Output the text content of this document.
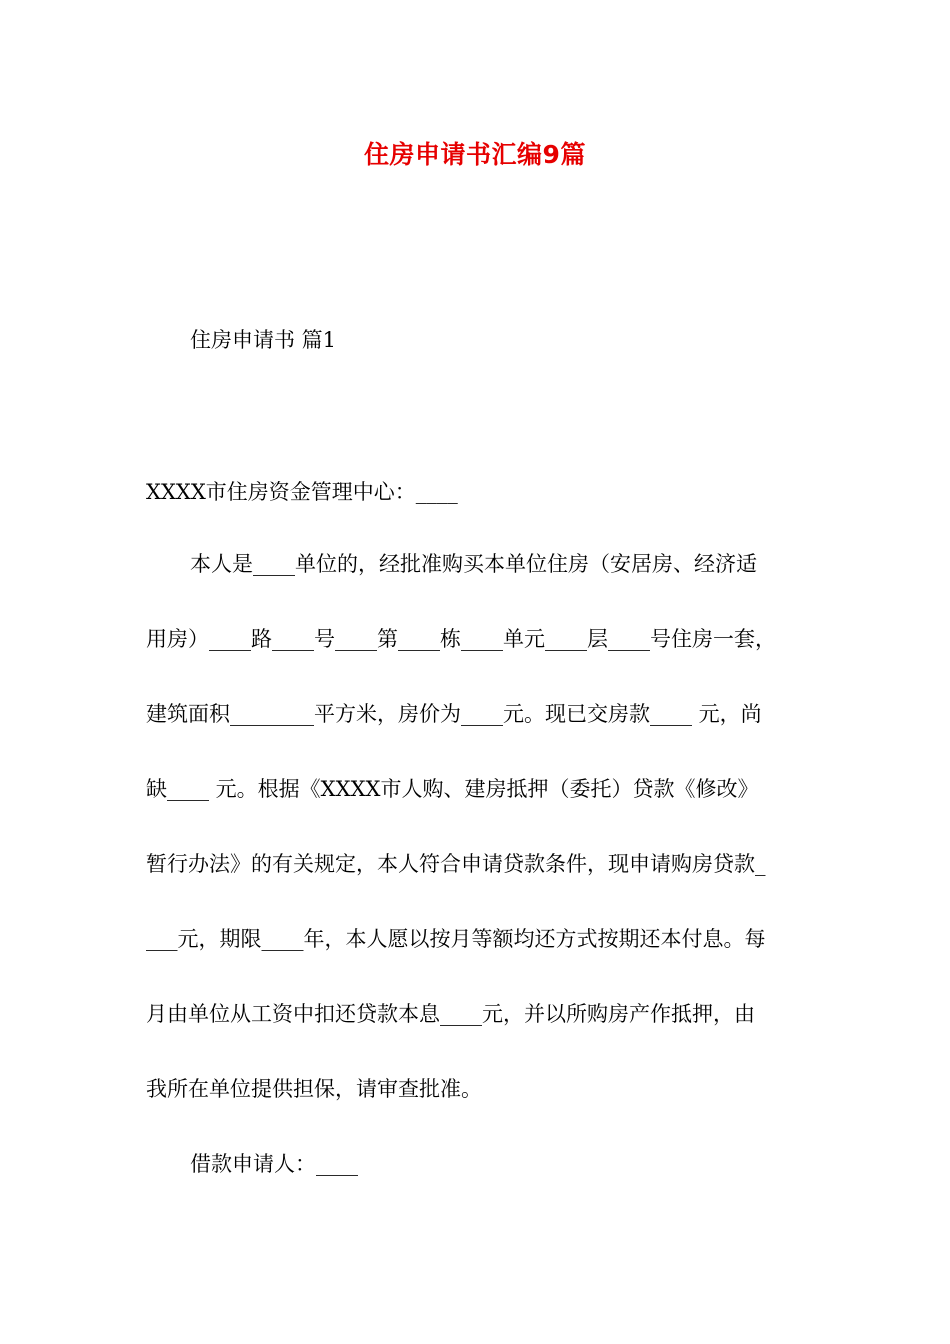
住房申请书汇编9篇
住房申请书 篇1
XXXX市住房资金管理中心：____
本人是____单位的，经批准购买本单位住房（安居房、经济适
用房）____路____号____第____栋____单元____层____号住房一套，
建筑面积________平方米，房价为____元。现已交房款____ 元，尚
缺____ 元。根据《XXXX市人购、建房抵押（委托）贷款《修改》
暂行办法》的有关规定，本人符合申请贷款条件，现申请购房贷款_
___元，期限____年，本人愿以按月等额均还方式按期还本付息。每
月由单位从工资中扣还贷款本息____元，并以所购房产作抵押，由
我所在单位提供担保，请审查批准。
借款申请人：____
